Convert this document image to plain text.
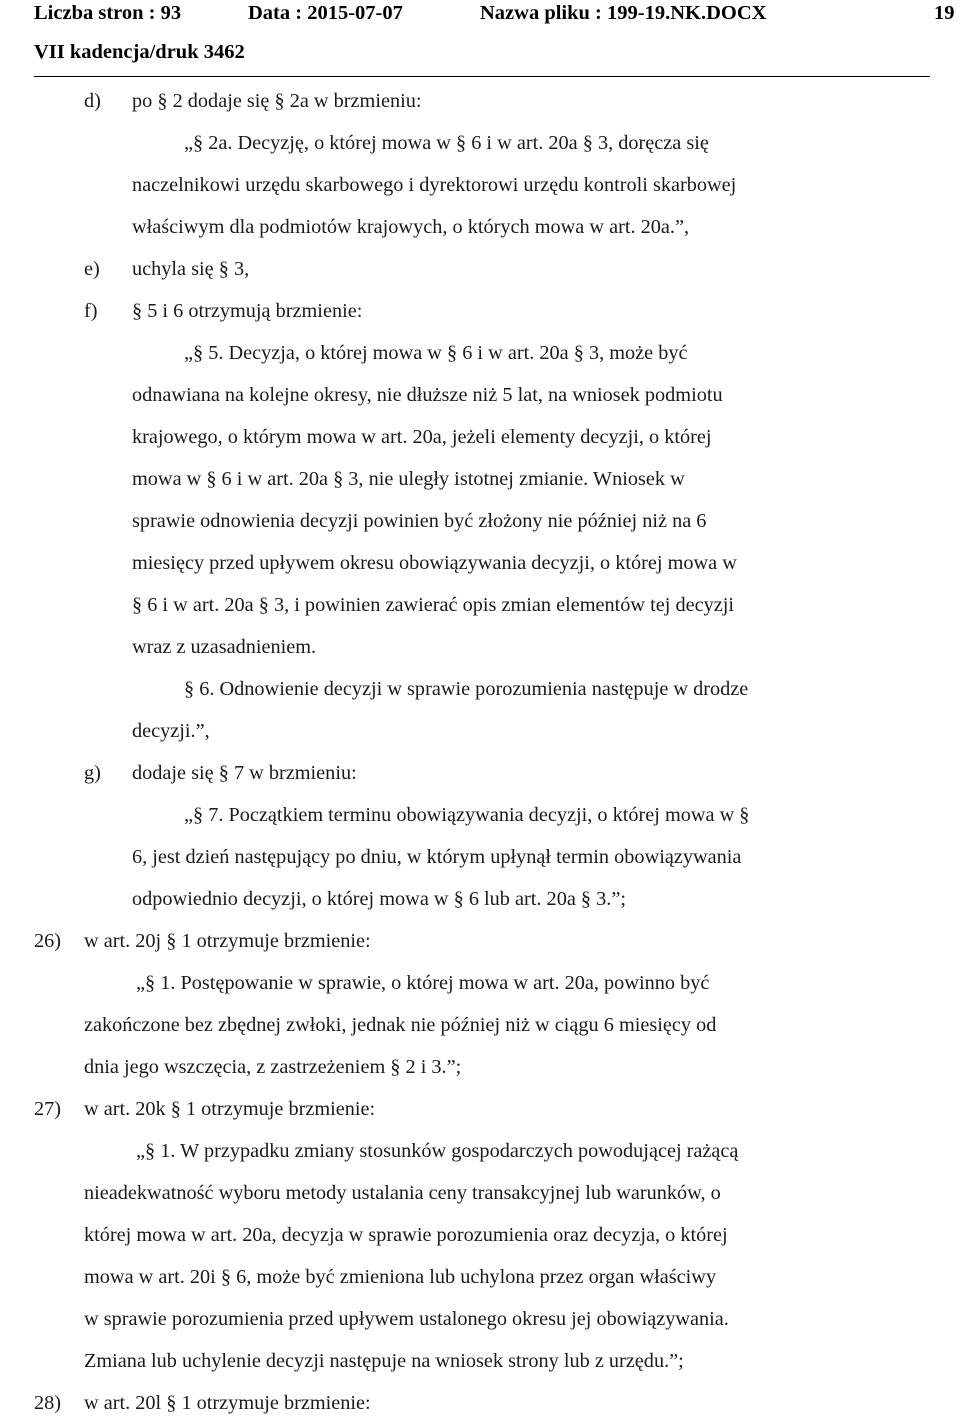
Liczba stron : 93	Data : 2015-07-07	Nazwa pliku : 199-19.NK.DOCX	19
VII kadencja/druk 3462
d) po § 2 dodaje się § 2a w brzmieniu:
„§ 2a. Decyzję, o której mowa w § 6 i w art. 20a § 3, doręcza się
naczelnikowi urzędu skarbowego i dyrektorowi urzędu kontroli skarbowej
właściwym dla podmiotów krajowych, o których mowa w art. 20a.”,
e) uchyla się § 3,
f) § 5 i 6 otrzymują brzmienie:
„§ 5. Decyzja, o której mowa w § 6 i w art. 20a § 3, może być
odnawiana na kolejne okresy, nie dłuższe niż 5 lat, na wniosek podmiotu
krajowego, o którym mowa w art. 20a, jeżeli elementy decyzji, o której
mowa w § 6 i w art. 20a § 3, nie uległy istotnej zmianie. Wniosek w
sprawie odnowienia decyzji powinien być złożony nie później niż na 6
miesięcy przed upływem okresu obowiązywania decyzji, o której mowa w
§ 6 i w art. 20a § 3, i powinien zawierać opis zmian elementów tej decyzji
wraz z uzasadnieniem.
§ 6. Odnowienie decyzji w sprawie porozumienia następuje w drodze
decyzji.”,
g) dodaje się § 7 w brzmieniu:
„§ 7. Początkiem terminu obowiązywania decyzji, o której mowa w §
6, jest dzień następujący po dniu, w którym upłynął termin obowiązywania
odpowiednio decyzji, o której mowa w § 6 lub art. 20a § 3.”;
26) w art. 20j § 1 otrzymuje brzmienie:
„§ 1. Postępowanie w sprawie, o której mowa w art. 20a, powinno być
zakończone bez zbędnej zwłoki, jednak nie później niż w ciągu 6 miesięcy od
dnia jego wszczęcia, z zastrzeżeniem § 2 i 3.”;
27) w art. 20k § 1 otrzymuje brzmienie:
„§ 1. W przypadku zmiany stosunków gospodarczych powodującej rażącą
nieadekwatność wyboru metody ustalania ceny transakcyjnej lub warunków, o
której mowa w art. 20a, decyzja w sprawie porozumienia oraz decyzja, o której
mowa w art. 20i § 6, może być zmieniona lub uchylona przez organ właściwy
w sprawie porozumienia przed upływem ustalonego okresu jej obowiązywania.
Zmiana lub uchylenie decyzji następuje na wniosek strony lub z urzędu.”;
28) w art. 20l § 1 otrzymuje brzmienie:
